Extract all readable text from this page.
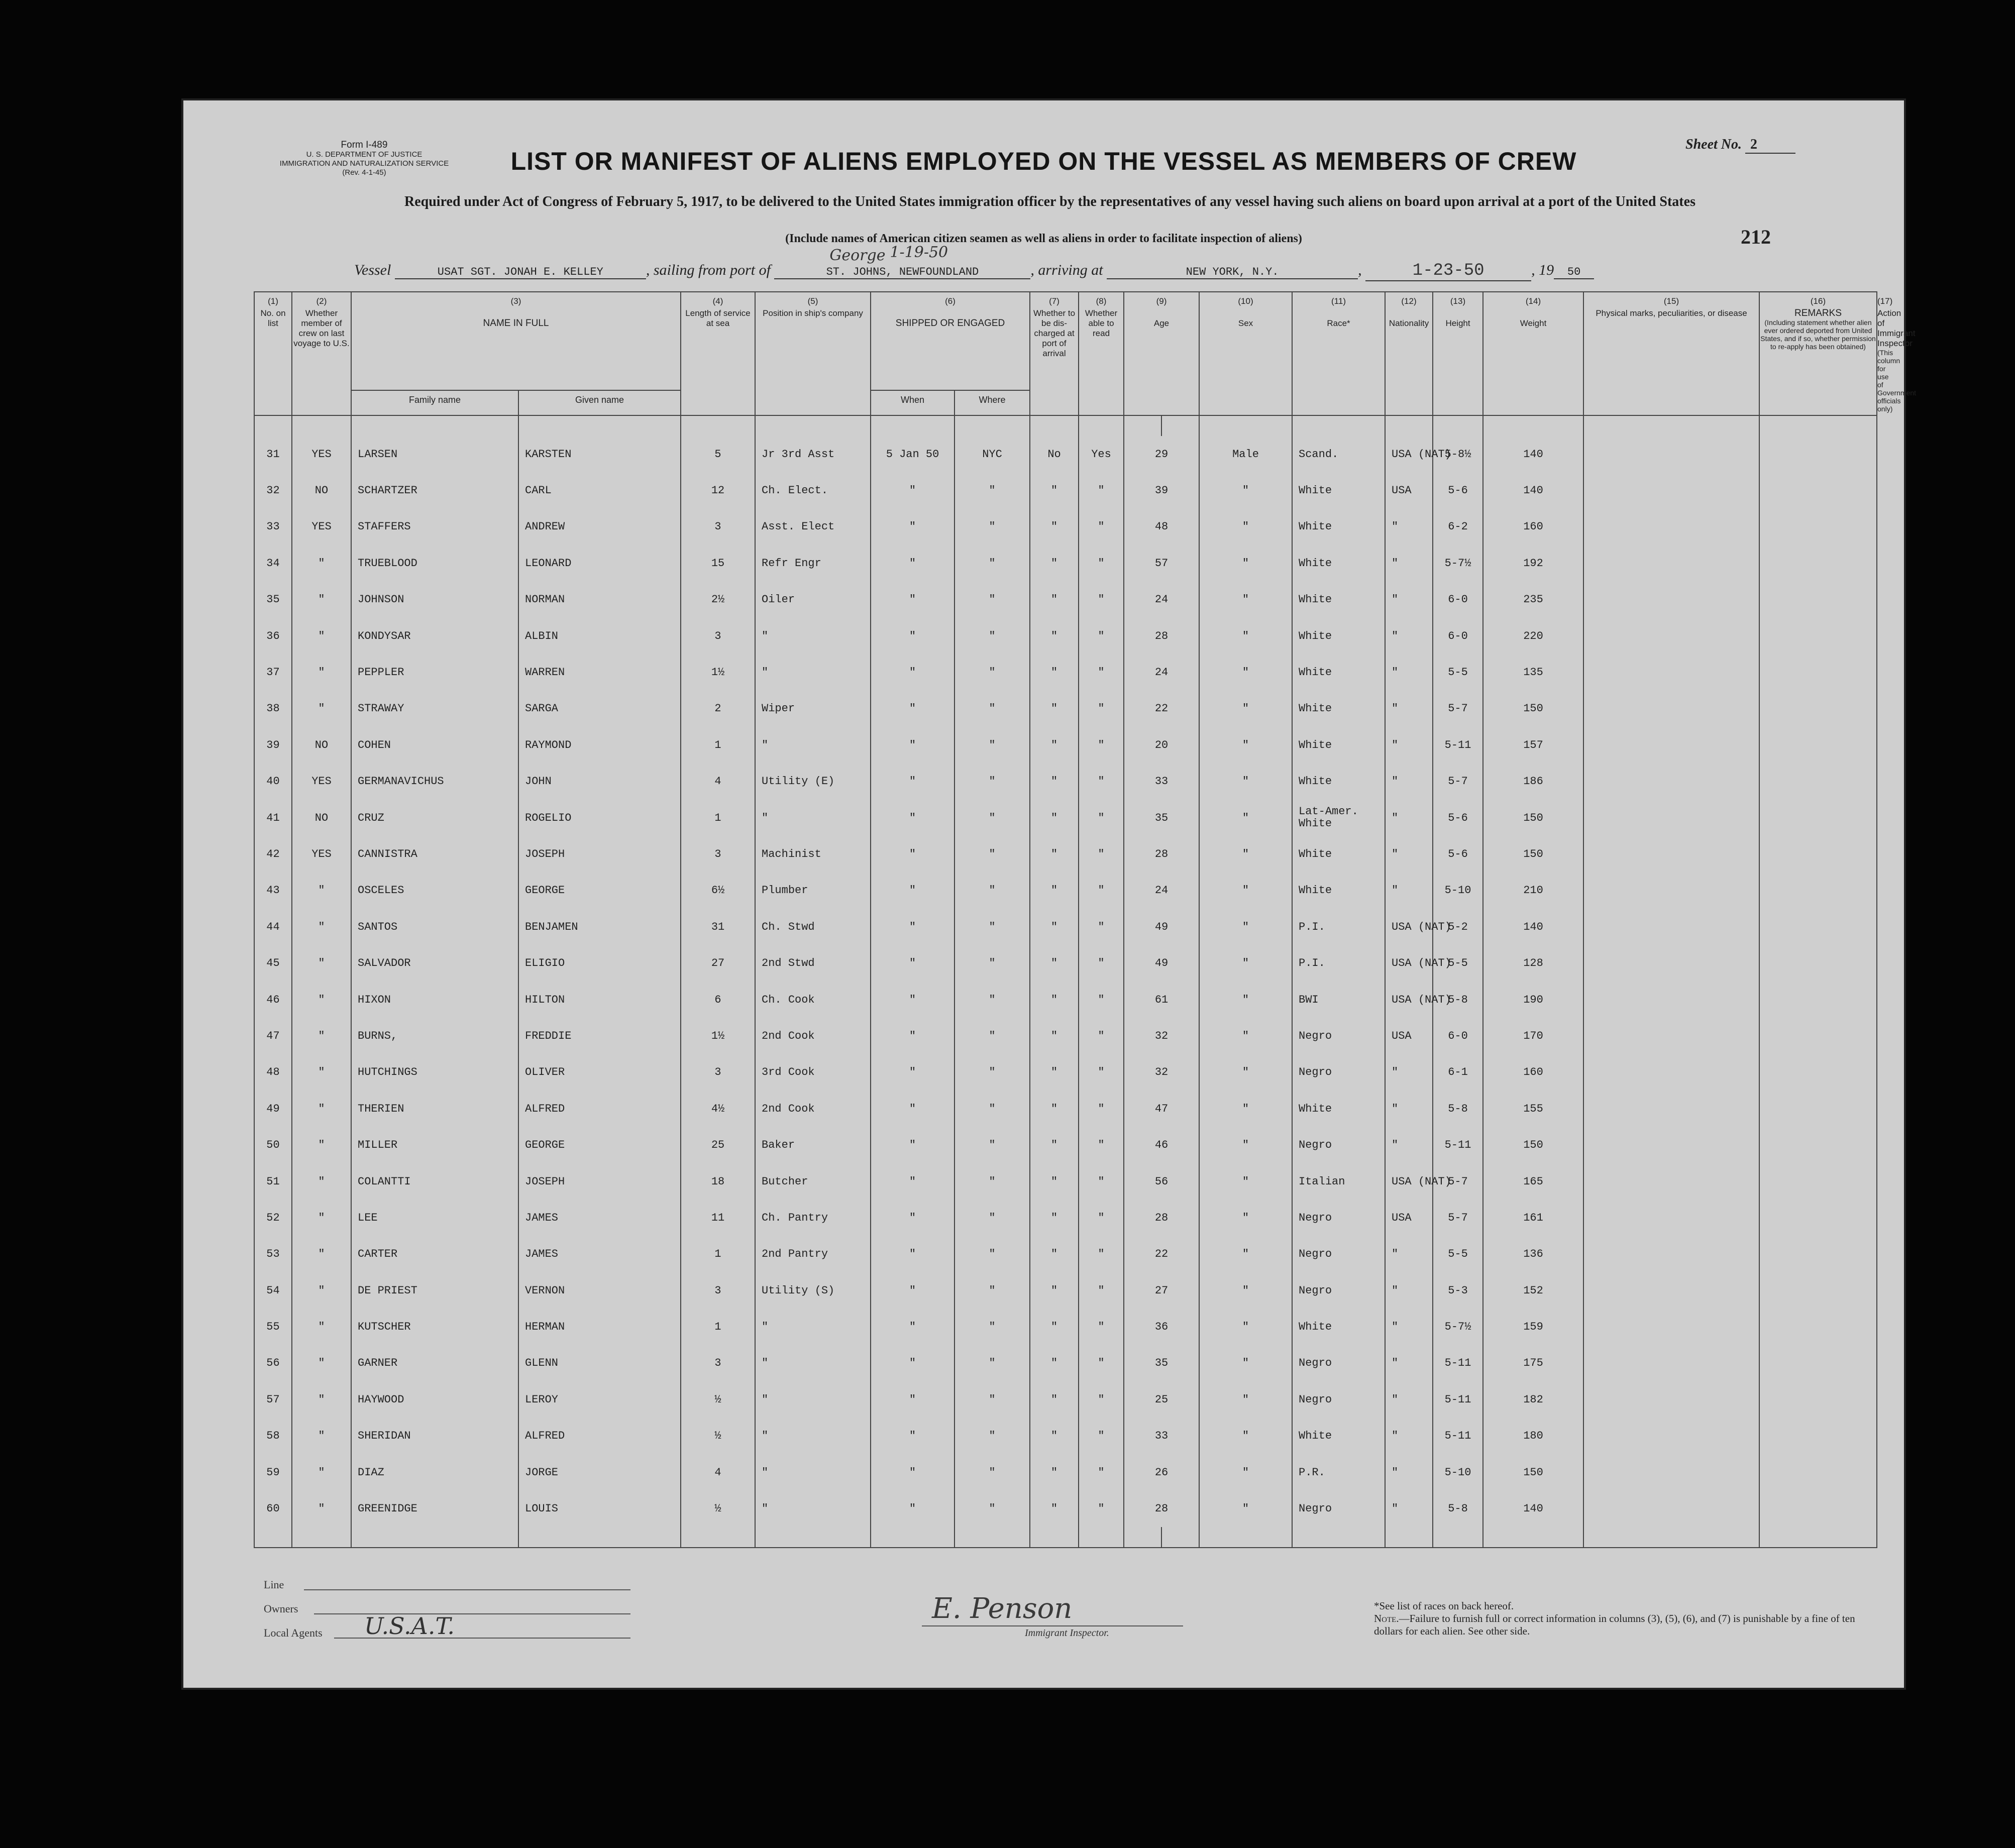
Form I-489
U. S. DEPARTMENT OF JUSTICE
IMMIGRATION AND NATURALIZATION SERVICE
(Rev. 4-1-45)
Sheet No. 2
LIST OR MANIFEST OF ALIENS EMPLOYED ON THE VESSEL AS MEMBERS OF CREW
Required under Act of Congress of February 5, 1917, to be delivered to the United States immigration officer by the representatives of any vessel having such aliens on board upon arrival at a port of the United States
(Include names of American citizen seamen as well as aliens in order to facilitate inspection of aliens)	212
Vessel	USAT SGT. JONAH E. KELLEY	, sailing from port of	ST. JOHNS, NEWFOUNDLAND
George 1-19-50
, arriving at	NEW YORK, N.Y.	,	1-23-50	, 19 50
(1)
No. on list	(2)
Whether member of crew on last voyage to U.S.	(3)

NAME IN FULL		(4)
Length of service at sea	(5)
Position in ship's company	(6)

SHIPPED OR ENGAGED		(7)
Whether to be dis-charged at port of arrival	(8)
Whether able to read	(9)

Age		(10)

Sex	(11)

Race*	(12)

Nationality	(13)

Height	(14)

Weight	(15)
Physical marks, peculiarities, or disease	(16)
REMARKS

(Including statement whether alien ever ordered deported from United States, and if so, whether permission to re-apply has been obtained)	(17)
Action of Immigrant Inspector

(This column for use of Government officials only)

		Family name	Given name			When	Where												

31	YES	LARSEN	KARSTEN	5	Jr 3rd Asst	5 Jan 50	NYC	No	Yes	29		Male	Scand.	USA (NAT)	5-8½	140			
32	NO	SCHARTZER	CARL	12	Ch. Elect.	"	"	"	"	39		"	White	USA	5-6	140			
33	YES	STAFFERS	ANDREW	3	Asst. Elect	"	"	"	"	48		"	White	"	6-2	160			
34	"	TRUEBLOOD	LEONARD	15	Refr Engr	"	"	"	"	57		"	White	"	5-7½	192			
35	"	JOHNSON	NORMAN	2½	Oiler	"	"	"	"	24		"	White	"	6-0	235			
36	"	KONDYSAR	ALBIN	3	"	"	"	"	"	28		"	White	"	6-0	220			
37	"	PEPPLER	WARREN	1½	"	"	"	"	"	24		"	White	"	5-5	135			
38	"	STRAWAY	SARGA	2	Wiper	"	"	"	"	22		"	White	"	5-7	150			
39	NO	COHEN	RAYMOND	1	"	"	"	"	"	20		"	White	"	5-11	157			
40	YES	GERMANAVICHUS	JOHN	4	Utility (E)	"	"	"	"	33		"	White	"	5-7	186			
41	NO	CRUZ	ROGELIO	1	"	"	"	"	"	35		"	Lat-Amer. White	"	5-6	150			
42	YES	CANNISTRA	JOSEPH	3	Machinist	"	"	"	"	28		"	White	"	5-6	150			
43	"	OSCELES	GEORGE	6½	Plumber	"	"	"	"	24		"	White	"	5-10	210			
44	"	SANTOS	BENJAMEN	31	Ch. Stwd	"	"	"	"	49		"	P.I.	USA (NAT)	5-2	140			
45	"	SALVADOR	ELIGIO	27	2nd Stwd	"	"	"	"	49		"	P.I.	USA (NAT)	5-5	128			
46	"	HIXON	HILTON	6	Ch. Cook	"	"	"	"	61		"	BWI	USA (NAT)	5-8	190			
47	"	BURNS,	FREDDIE	1½	2nd Cook	"	"	"	"	32		"	Negro	USA	6-0	170			
48	"	HUTCHINGS	OLIVER	3	3rd Cook	"	"	"	"	32		"	Negro	"	6-1	160			
49	"	THERIEN	ALFRED	4½	2nd Cook	"	"	"	"	47		"	White	"	5-8	155			
50	"	MILLER	GEORGE	25	Baker	"	"	"	"	46		"	Negro	"	5-11	150			
51	"	COLANTTI	JOSEPH	18	Butcher	"	"	"	"	56		"	Italian	USA (NAT)	5-7	165			
52	"	LEE	JAMES	11	Ch. Pantry	"	"	"	"	28		"	Negro	USA	5-7	161			
53	"	CARTER	JAMES	1	2nd Pantry	"	"	"	"	22		"	Negro	"	5-5	136			
54	"	DE PRIEST	VERNON	3	Utility (S)	"	"	"	"	27		"	Negro	"	5-3	152			
55	"	KUTSCHER	HERMAN	1	"	"	"	"	"	36		"	White	"	5-7½	159			
56	"	GARNER	GLENN	3	"	"	"	"	"	35		"	Negro	"	5-11	175			
57	"	HAYWOOD	LEROY	½	"	"	"	"	"	25		"	Negro	"	5-11	182			
58	"	SHERIDAN	ALFRED	½	"	"	"	"	"	33		"	White	"	5-11	180			
59	"	DIAZ	JORGE	4	"	"	"	"	"	26		"	P.R.	"	5-10	150			
60	"	GREENIDGE	LOUIS	½	"	"	"	"	"	28		"	Negro	"	5-8	140			

Line
Owners
Local Agents U.S.A.T.
E. Penson
Immigrant Inspector.
*See list of races on back hereof.
Note.—Failure to furnish full or correct information in columns (3), (5), (6), and (7) is punishable by a fine of ten dollars for each alien. See other side.
